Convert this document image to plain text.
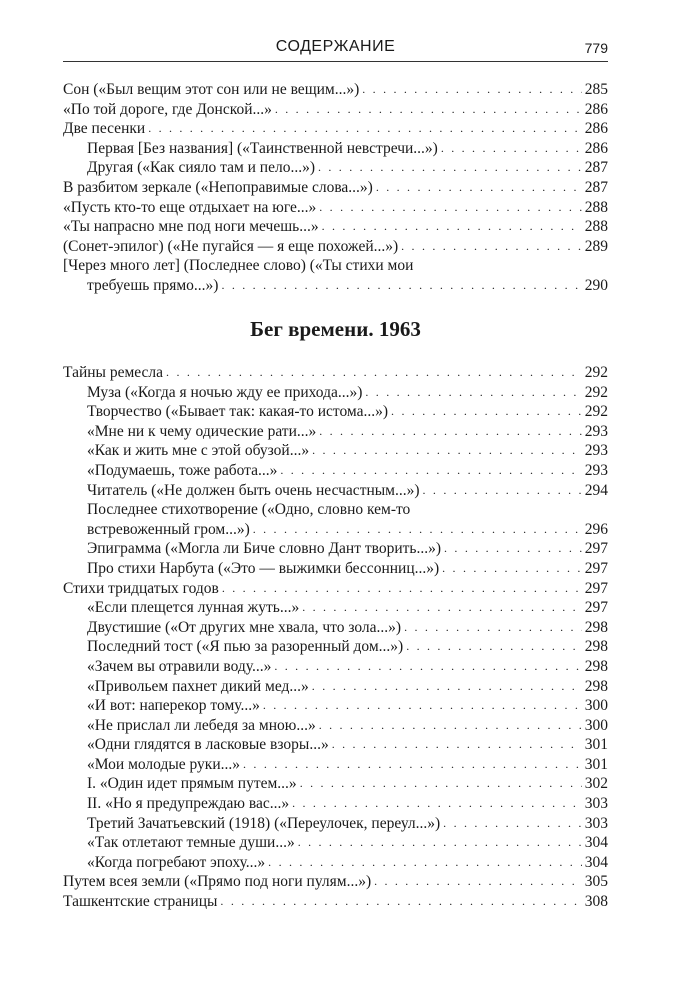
СОДЕРЖАНИЕ	779
Сон («Был вещим этот сон или не вещим...») . . .	285
«По той дороге, где Донской...» . . .	286
Две песенки . . .	286
Первая [Без названия] («Таинственной невстречи...») . . .	286
Другая («Как сияло там и пело...») . . .	287
В разбитом зеркале («Непоправимые слова...») . . .	287
«Пусть кто-то еще отдыхает на юге...» . . .	288
«Ты напрасно мне под ноги мечешь...» . . .	288
(Сонет-эпилог) («Не пугайся — я еще похожей...») . . .	289
[Через много лет] (Последнее слово) («Ты стихи мои
требуешь прямо...») . . .	290
Бег времени. 1963
Тайны ремесла . . .	292
Муза («Когда я ночью жду ее прихода...») . . .	292
Творчество («Бывает так: какая-то истома...») . . .	292
«Мне ни к чему одические рати...» . . .	293
«Как и жить мне с этой обузой...» . . .	293
«Подумаешь, тоже работа...» . . .	293
Читатель («Не должен быть очень несчастным...») . . .	294
Последнее стихотворение («Одно, словно кем-то
встревоженный гром...») . . .	296
Эпиграмма («Могла ли Биче словно Дант творить...») . . .	297
Про стихи Нарбута («Это — выжимки бессонниц...») . . .	297
Стихи тридцатых годов . . .	297
«Если плещется лунная жуть...» . . .	297
Двустишие («От других мне хвала, что зола...») . . .	298
Последний тост («Я пью за разоренный дом...») . . .	298
«Зачем вы отравили воду...» . . .	298
«Привольем пахнет дикий мед...» . . .	298
«И вот: наперекор тому...» . . .	300
«Не прислал ли лебедя за мною...» . . .	300
«Одни глядятся в ласковые взоры...» . . .	301
«Мои молодые руки...» . . .	301
I. «Один идет прямым путем...» . . .	302
II. «Но я предупреждаю вас...» . . .	303
Третий Зачатьевский (1918) («Переулочек, переул...») . . .	303
«Так отлетают темные души...» . . .	304
«Когда погребают эпоху...» . . .	304
Путем всея земли («Прямо под ноги пулям...») . . .	305
Ташкентские страницы . . .	308
